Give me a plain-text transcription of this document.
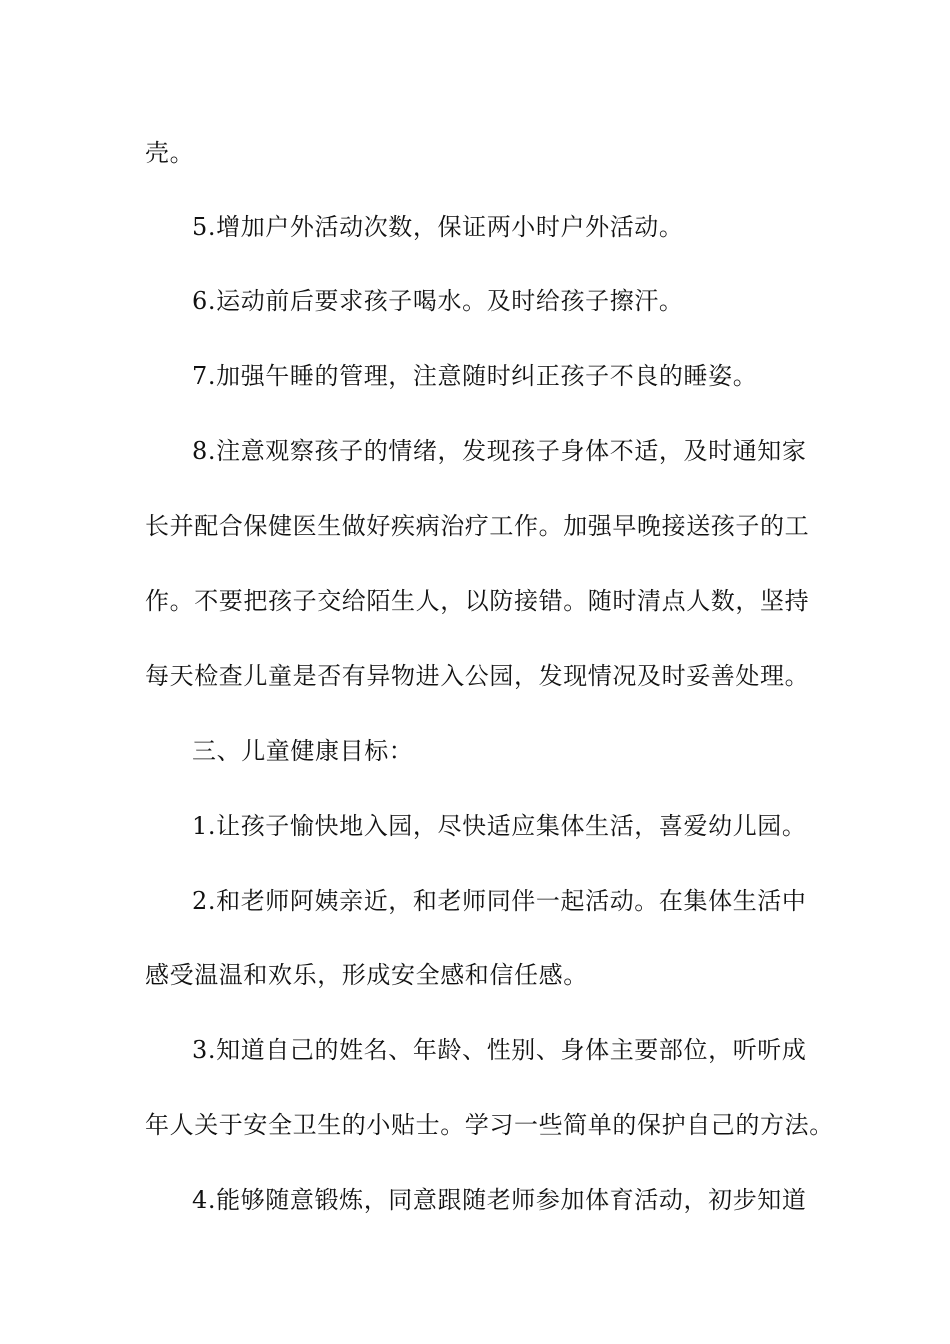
壳。
5.增加户外活动次数，保证两小时户外活动。
6.运动前后要求孩子喝水。及时给孩子擦汗。
7.加强午睡的管理，注意随时纠正孩子不良的睡姿。
8.注意观察孩子的情绪，发现孩子身体不适，及时通知家
长并配合保健医生做好疾病治疗工作。加强早晚接送孩子的工
作。不要把孩子交给陌生人，以防接错。随时清点人数，坚持
每天检查儿童是否有异物进入公园，发现情况及时妥善处理。
三、儿童健康目标：
1.让孩子愉快地入园，尽快适应集体生活，喜爱幼儿园。
2.和老师阿姨亲近，和老师同伴一起活动。在集体生活中
感受温温和欢乐，形成安全感和信任感。
3.知道自己的姓名、年龄、性别、身体主要部位，听听成
年人关于安全卫生的小贴士。学习一些简单的保护自己的方法。
4.能够随意锻炼，同意跟随老师参加体育活动，初步知道
